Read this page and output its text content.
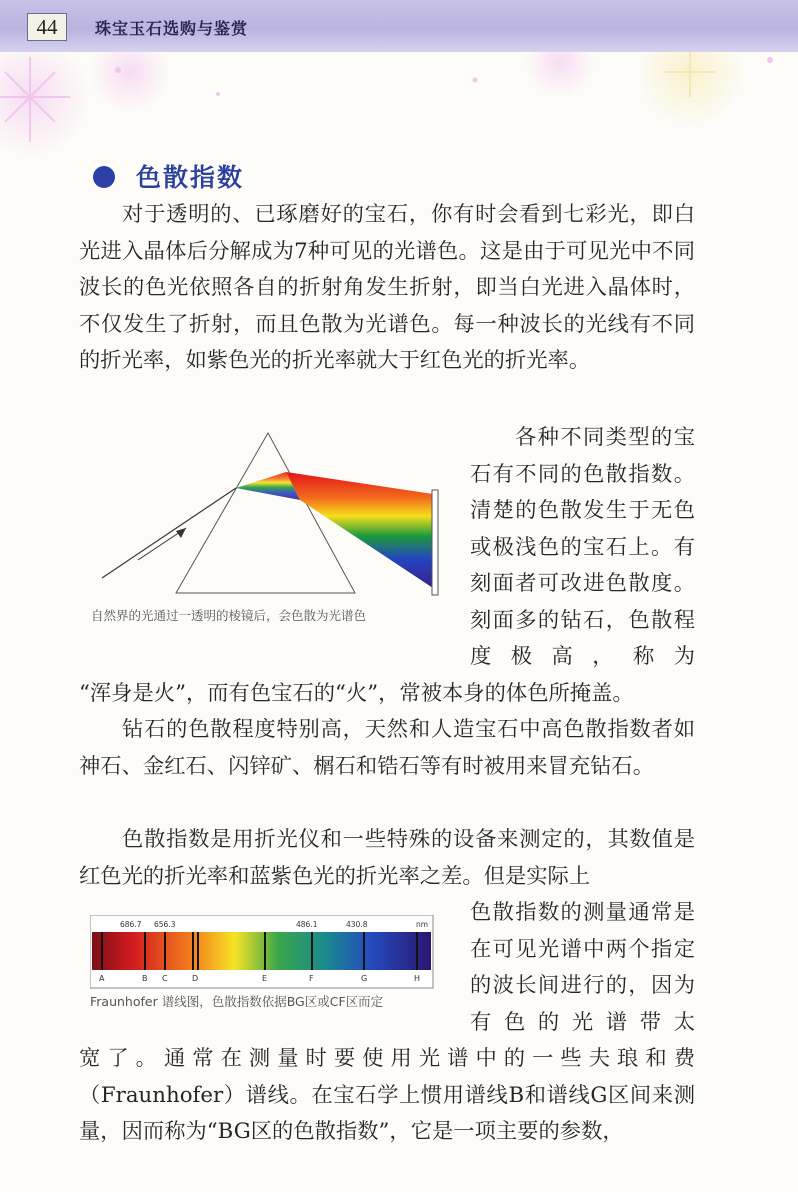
44	珠宝玉石选购与鉴赏
色散指数

对于透明的、已琢磨好的宝石，你有时会看到七彩光，即白光进入晶体后分解成为7种可见的光谱色。这是由于可见光中不同波长的色光依照各自的折射角发生折射，即当白光进入晶体时，不仅发生了折射，而且色散为光谱色。每一种波长的光线有不同的折光率，如紫色光的折光率就大于红色光的折光率。

自然界的光通过一透明的棱镜后，会色散为光谱色

各种不同类型的宝石有不同的色散指数。清楚的色散发生于无色或极浅色的宝石上。有刻面者可改进色散度。刻面多的钻石，色散程度极高，称为

“浑身是火”，而有色宝石的“火”，常被本身的体色所掩盖。

钻石的色散程度特别高，天然和人造宝石中高色散指数者如神石、金红石、闪锌矿、榍石和锆石等有时被用来冒充钻石。

色散指数是用折光仪和一些特殊的设备来测定的，其数值是红色光的折光率和蓝紫色光的折光率之差。但是实际上

686.7 656.3	486.1	430.8	nm
A	B C	D	E	F	G	H
Fraunhofer 谱线图，色散指数依据BG区或CF区而定

色散指数的测量通常是在可见光谱中两个指定的波长间进行的，因为有色的光谱带太

宽了。通常在测量时要使用光谱中的一些夫琅和费（Fraunhofer）谱线。在宝石学上惯用谱线B和谱线G区间来测量，因而称为“BG区的色散指数”，它是一项主要的参数，
